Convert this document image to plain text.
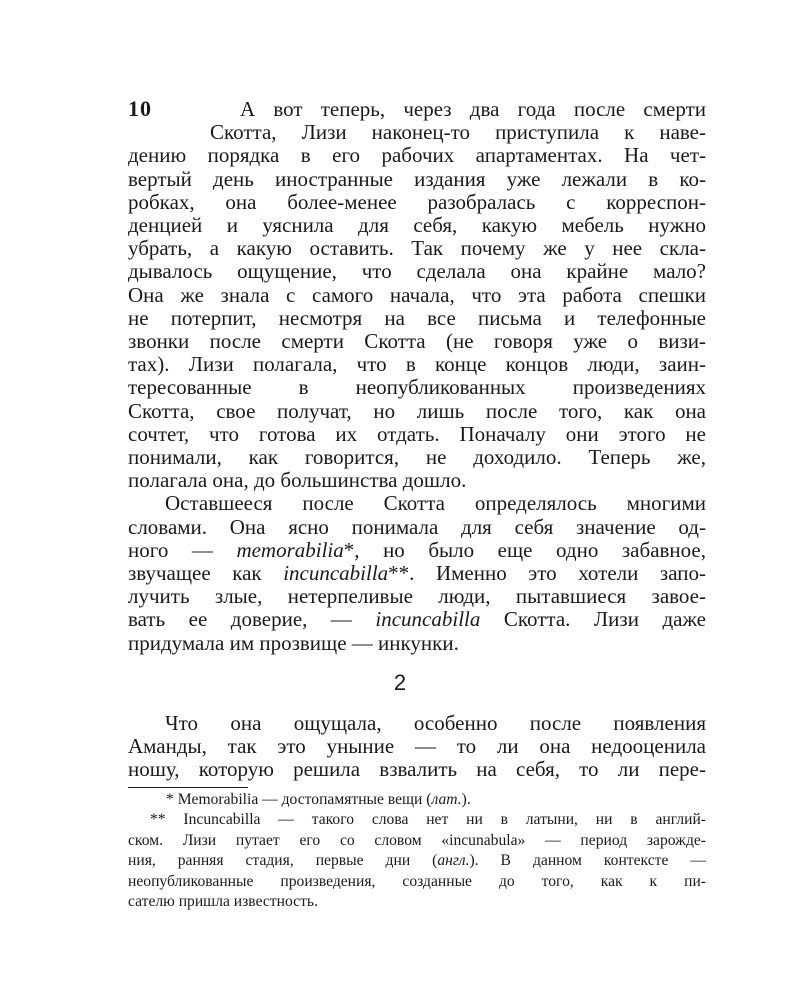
10	А вот теперь, через два года после смерти
Скотта, Лизи наконец-то приступила к наве-
дению порядка в его рабочих апартаментах. На чет-
вертый день иностранные издания уже лежали в ко-
робках, она более-менее разобралась с корреспон-
денцией и уяснила для себя, какую мебель нужно
убрать, а какую оставить. Так почему же у нее скла-
дывалось ощущение, что сделала она крайне мало?
Она же знала с самого начала, что эта работа спешки
не потерпит, несмотря на все письма и телефонные
звонки после смерти Скотта (не говоря уже о визи-
тах). Лизи полагала, что в конце концов люди, заин-
тересованные в неопубликованных произведениях
Скотта, свое получат, но лишь после того, как она
сочтет, что готова их отдать. Поначалу они этого не
понимали, как говорится, не доходило. Теперь же,
полагала она, до большинства дошло.
Оставшееся после Скотта определялось многими
словами. Она ясно понимала для себя значение од-
ного — memorabilia*, но было еще одно забавное,
звучащее как incuncabilla**. Именно это хотели запо-
лучить злые, нетерпеливые люди, пытавшиеся завое-
вать ее доверие, — incuncabilla Скотта. Лизи даже
придумала им прозвище — инкунки.
2
Что она ощущала, особенно после появления
Аманды, так это уныние — то ли она недооценила
ношу, которую решила взвалить на себя, то ли пере-
* Memorabilia — достопамятные вещи (лат.).
** Incuncabilla — такого слова нет ни в латыни, ни в англий-
ском. Лизи путает его со словом «incunabula» — период зарожде-
ния, ранняя стадия, первые дни (англ.). В данном контексте —
неопубликованные произведения, созданные до того, как к пи-
сателю пришла известность.
